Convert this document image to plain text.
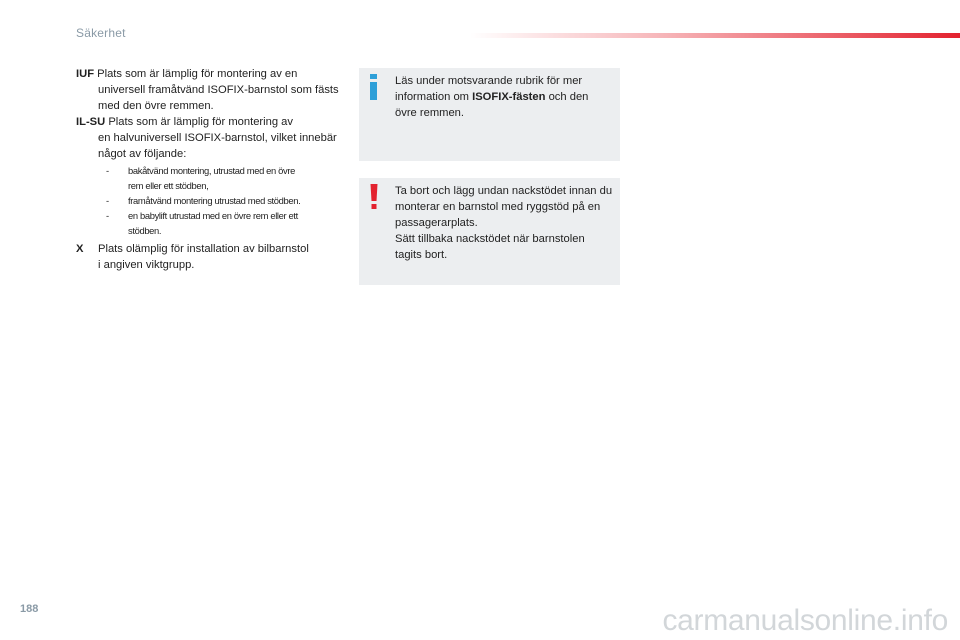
Säkerhet
IUF Plats som är lämplig för montering av en
universell framåtvänd ISOFIX-barnstol som fästs med den övre remmen.
IL-SU Plats som är lämplig för montering av
en halvuniversell ISOFIX-barnstol, vilket innebär något av följande:
-	bakåtvänd montering, utrustad med en övre
rem eller ett stödben,
-	framåtvänd montering utrustad med stödben.
-	en babylift utrustad med en övre rem eller ett
stödben.
X Plats olämplig för installation av bilbarnstol
i angiven viktgrupp.
Läs under motsvarande rubrik för mer information om ISOFIX-fästen och den övre remmen.
Ta bort och lägg undan nackstödet innan du monterar en barnstol med ryggstöd på en passagerarplats.
Sätt tillbaka nackstödet när barnstolen tagits bort.
188	carmanualsonline.info
